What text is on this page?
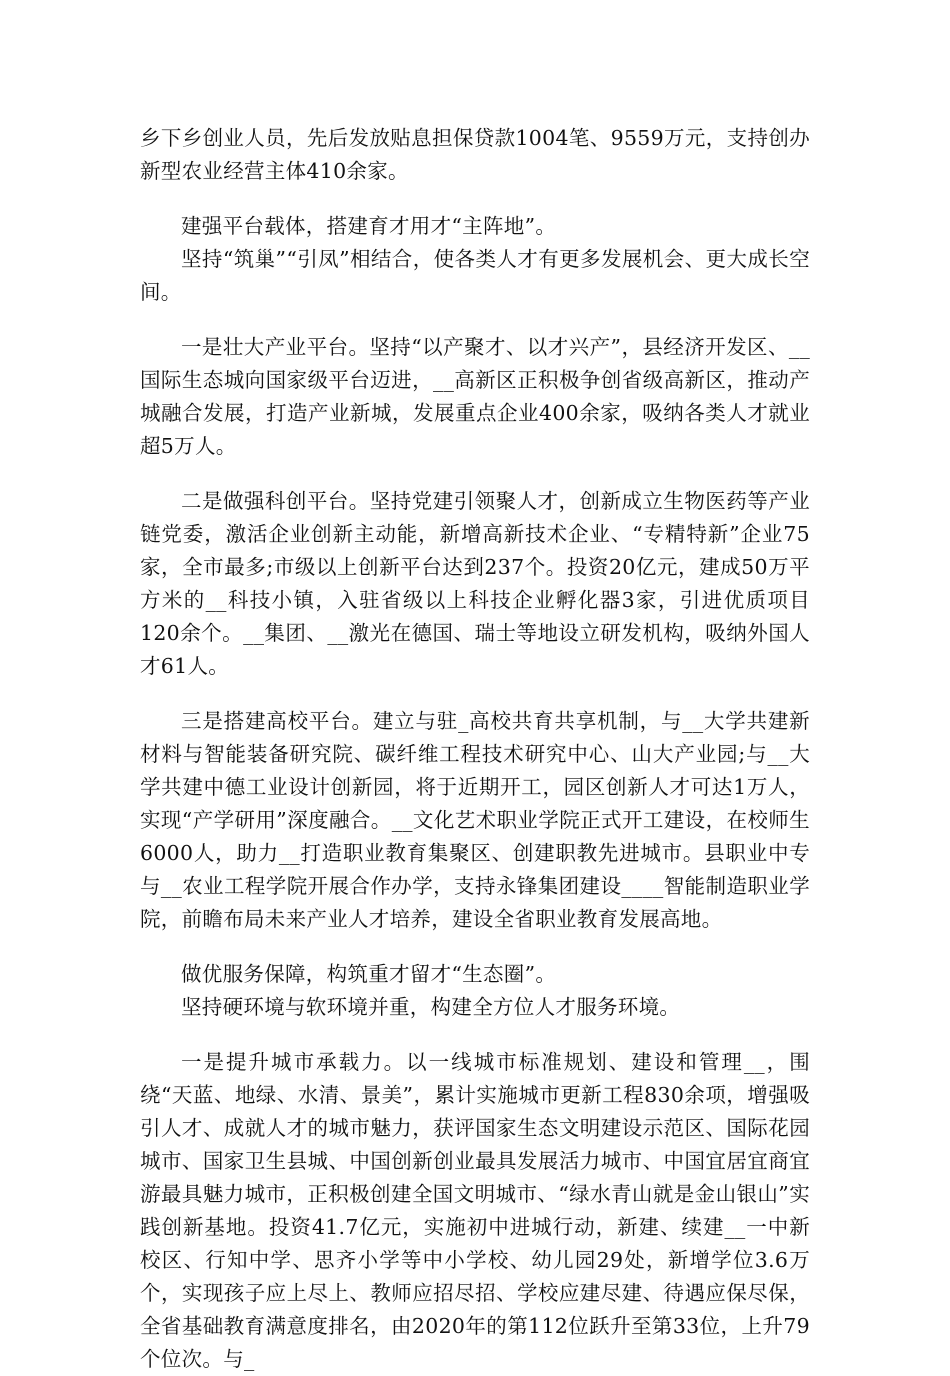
乡下乡创业人员，先后发放贴息担保贷款1004笔、9559万元，支持创办新型农业经营主体410余家。

建强平台载体，搭建育才用才“主阵地”。

坚持“筑巢”“引凤”相结合，使各类人才有更多发展机会、更大成长空间。

一是壮大产业平台。坚持“以产聚才、以才兴产”，县经济开发区、__国际生态城向国家级平台迈进，__高新区正积极争创省级高新区，推动产城融合发展，打造产业新城，发展重点企业400余家，吸纳各类人才就业超5万人。

二是做强科创平台。坚持党建引领聚人才，创新成立生物医药等产业链党委，激活企业创新主动能，新增高新技术企业、“专精特新”企业75家，全市最多;市级以上创新平台达到237个。投资20亿元，建成50万平方米的__科技小镇，入驻省级以上科技企业孵化器3家，引进优质项目120余个。__集团、__激光在德国、瑞士等地设立研发机构，吸纳外国人才61人。

三是搭建高校平台。建立与驻_高校共育共享机制，与__大学共建新材料与智能装备研究院、碳纤维工程技术研究中心、山大产业园;与__大学共建中德工业设计创新园，将于近期开工，园区创新人才可达1万人，实现“产学研用”深度融合。__文化艺术职业学院正式开工建设，在校师生6000人，助力__打造职业教育集聚区、创建职教先进城市。县职业中专与__农业工程学院开展合作办学，支持永锋集团建设____智能制造职业学院，前瞻布局未来产业人才培养，建设全省职业教育发展高地。

做优服务保障，构筑重才留才“生态圈”。

坚持硬环境与软环境并重，构建全方位人才服务环境。

一是提升城市承载力。以一线城市标准规划、建设和管理__，围绕“天蓝、地绿、水清、景美”，累计实施城市更新工程830余项，增强吸引人才、成就人才的城市魅力，获评国家生态文明建设示范区、国际花园城市、国家卫生县城、中国创新创业最具发展活力城市、中国宜居宜商宜游最具魅力城市，正积极创建全国文明城市、“绿水青山就是金山银山”实践创新基地。投资41.7亿元，实施初中进城行动，新建、续建__一中新校区、行知中学、思齐小学等中小学校、幼儿园29处，新增学位3.6万个，实现孩子应上尽上、教师应招尽招、学校应建尽建、待遇应保尽保，全省基础教育满意度排名，由2020年的第112位跃升至第33位，上升79个位次。与_
